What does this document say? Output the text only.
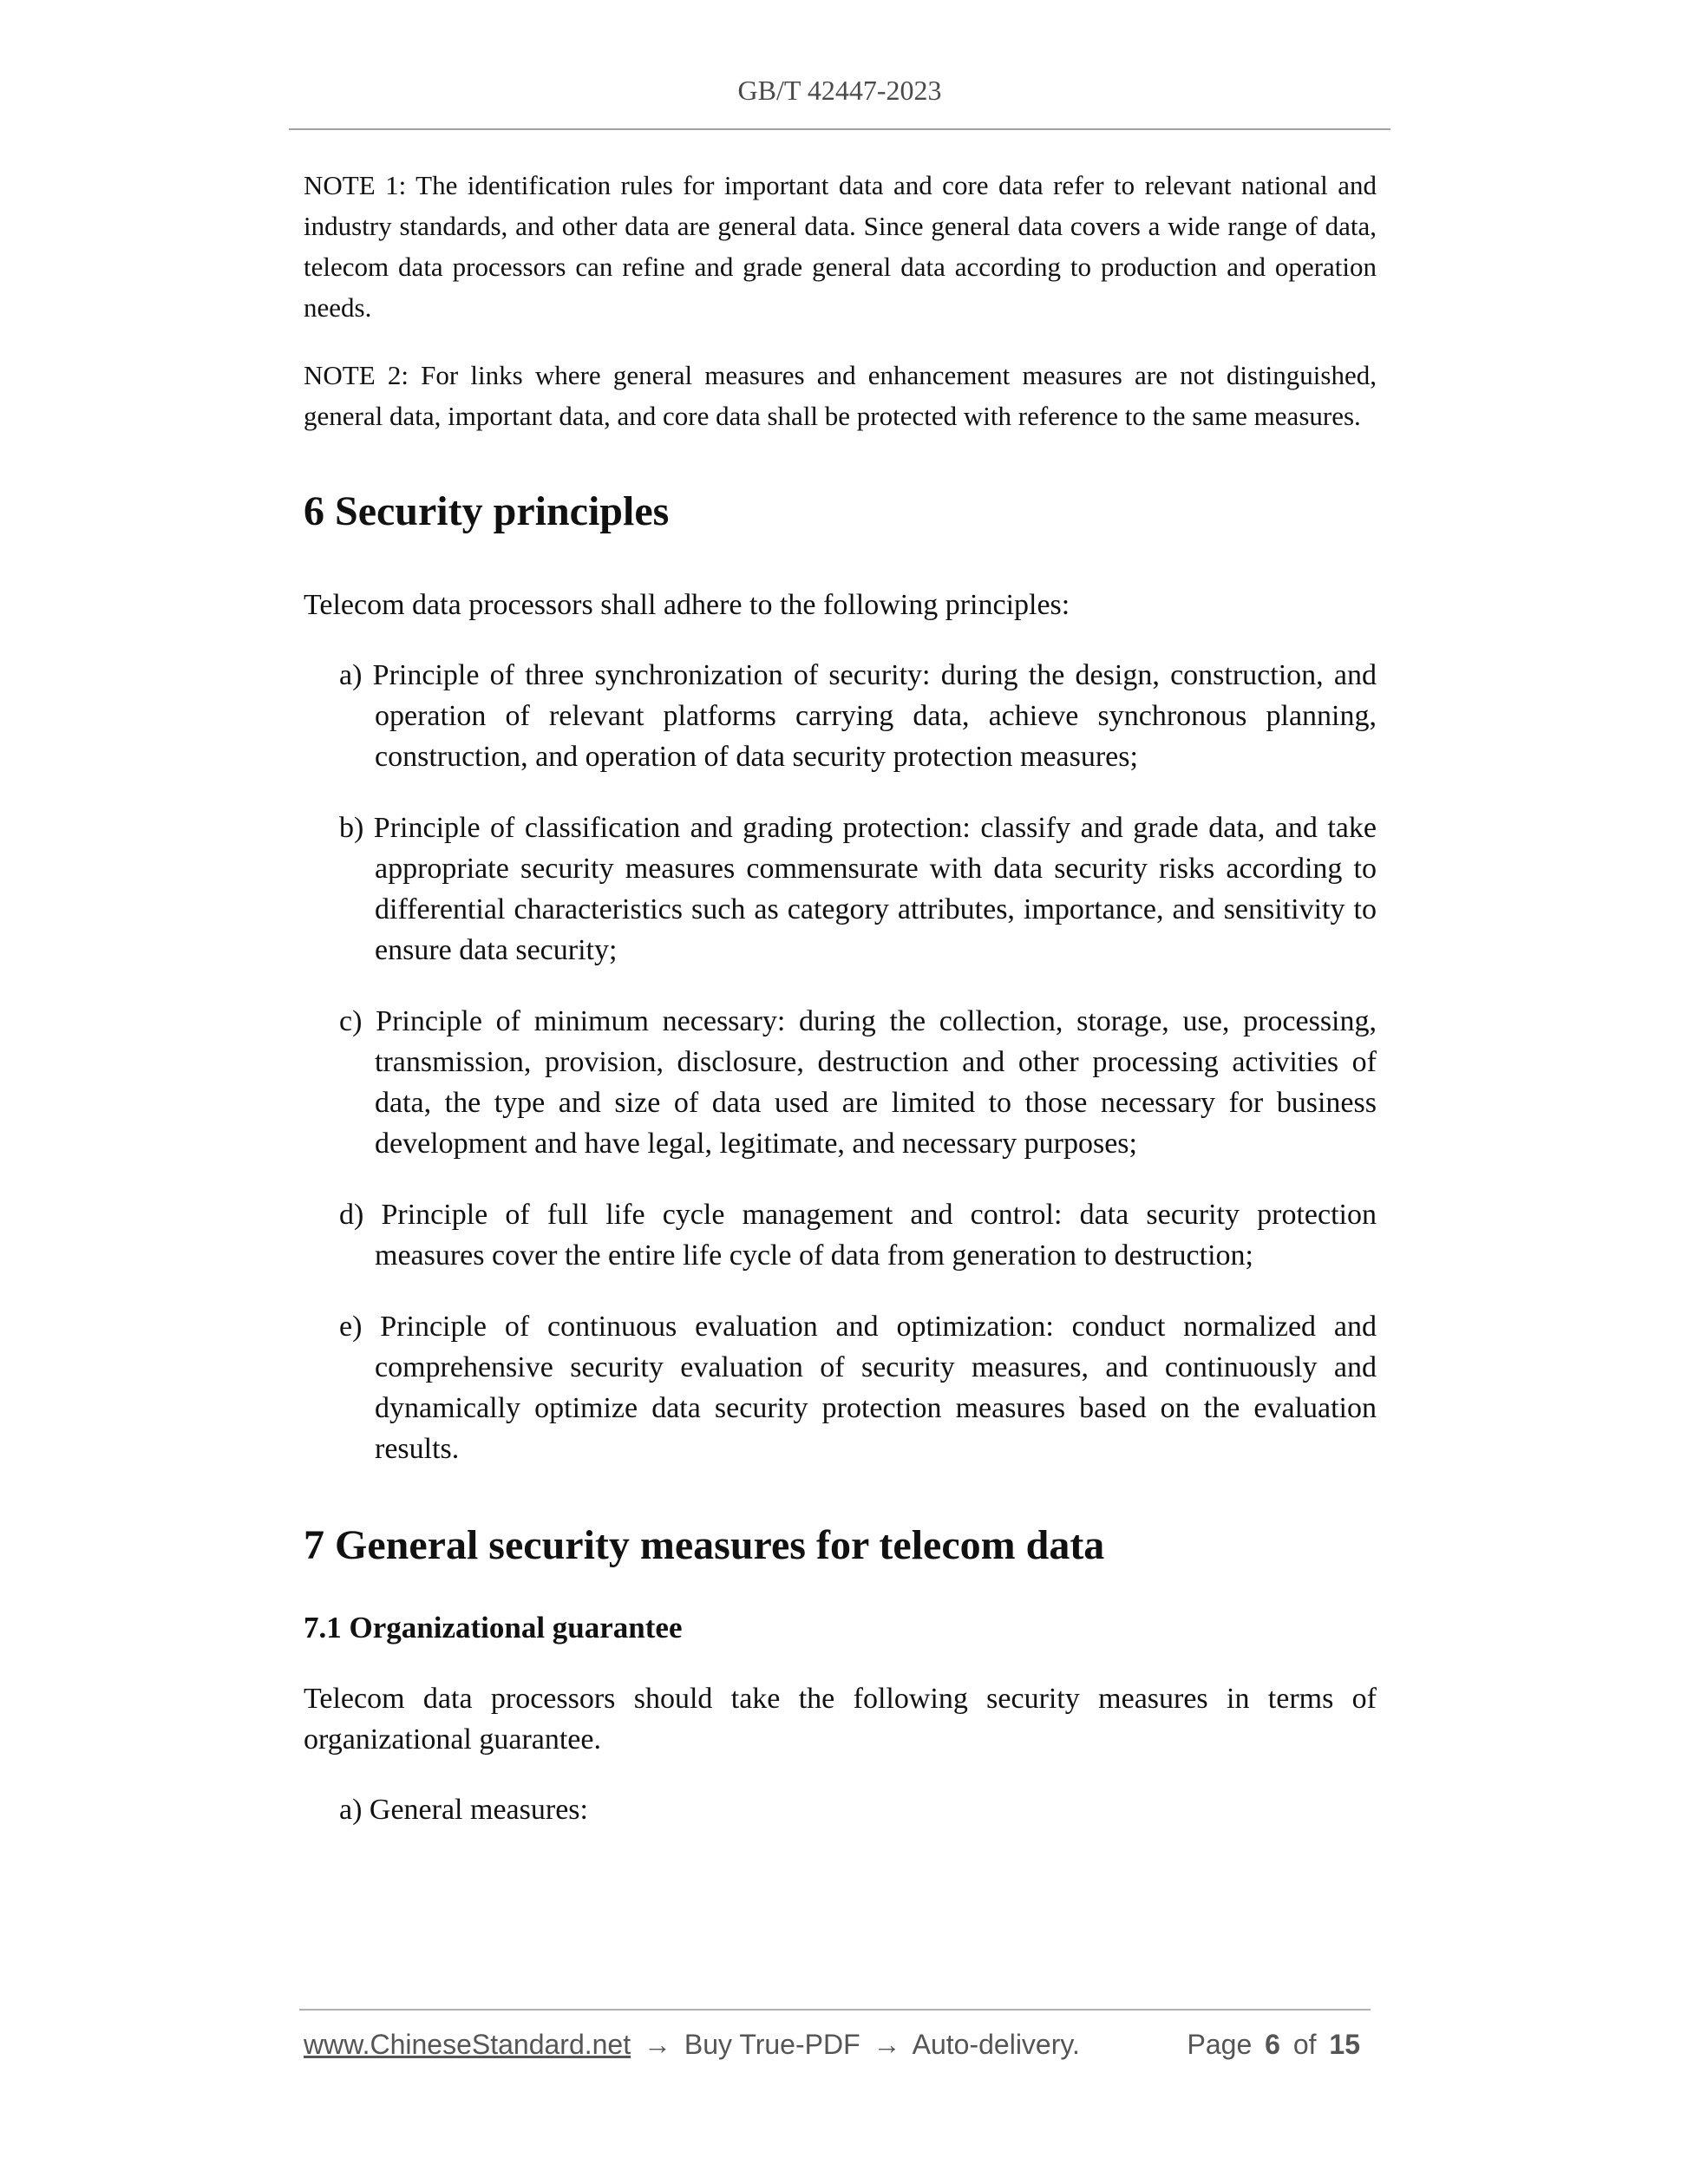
GB/T 42447-2023

NOTE 1: The identification rules for important data and core data refer to relevant national and industry standards, and other data are general data. Since general data covers a wide range of data, telecom data processors can refine and grade general data according to production and operation needs.

NOTE 2: For links where general measures and enhancement measures are not distinguished, general data, important data, and core data shall be protected with reference to the same measures.

6 Security principles

Telecom data processors shall adhere to the following principles:

a) Principle of three synchronization of security: during the design, construction, and operation of relevant platforms carrying data, achieve synchronous planning, construction, and operation of data security protection measures;
b) Principle of classification and grading protection: classify and grade data, and take appropriate security measures commensurate with data security risks according to differential characteristics such as category attributes, importance, and sensitivity to ensure data security;
c) Principle of minimum necessary: during the collection, storage, use, processing, transmission, provision, disclosure, destruction and other processing activities of data, the type and size of data used are limited to those necessary for business development and have legal, legitimate, and necessary purposes;
d) Principle of full life cycle management and control: data security protection measures cover the entire life cycle of data from generation to destruction;
e) Principle of continuous evaluation and optimization: conduct normalized and comprehensive security evaluation of security measures, and continuously and dynamically optimize data security protection measures based on the evaluation results.
7 General security measures for telecom data
7.1 Organizational guarantee

Telecom data processors should take the following security measures in terms of organizational guarantee.

a) General measures:
www.ChineseStandard.net → Buy True-PDF → Auto-delivery.	Page 6 of 15
